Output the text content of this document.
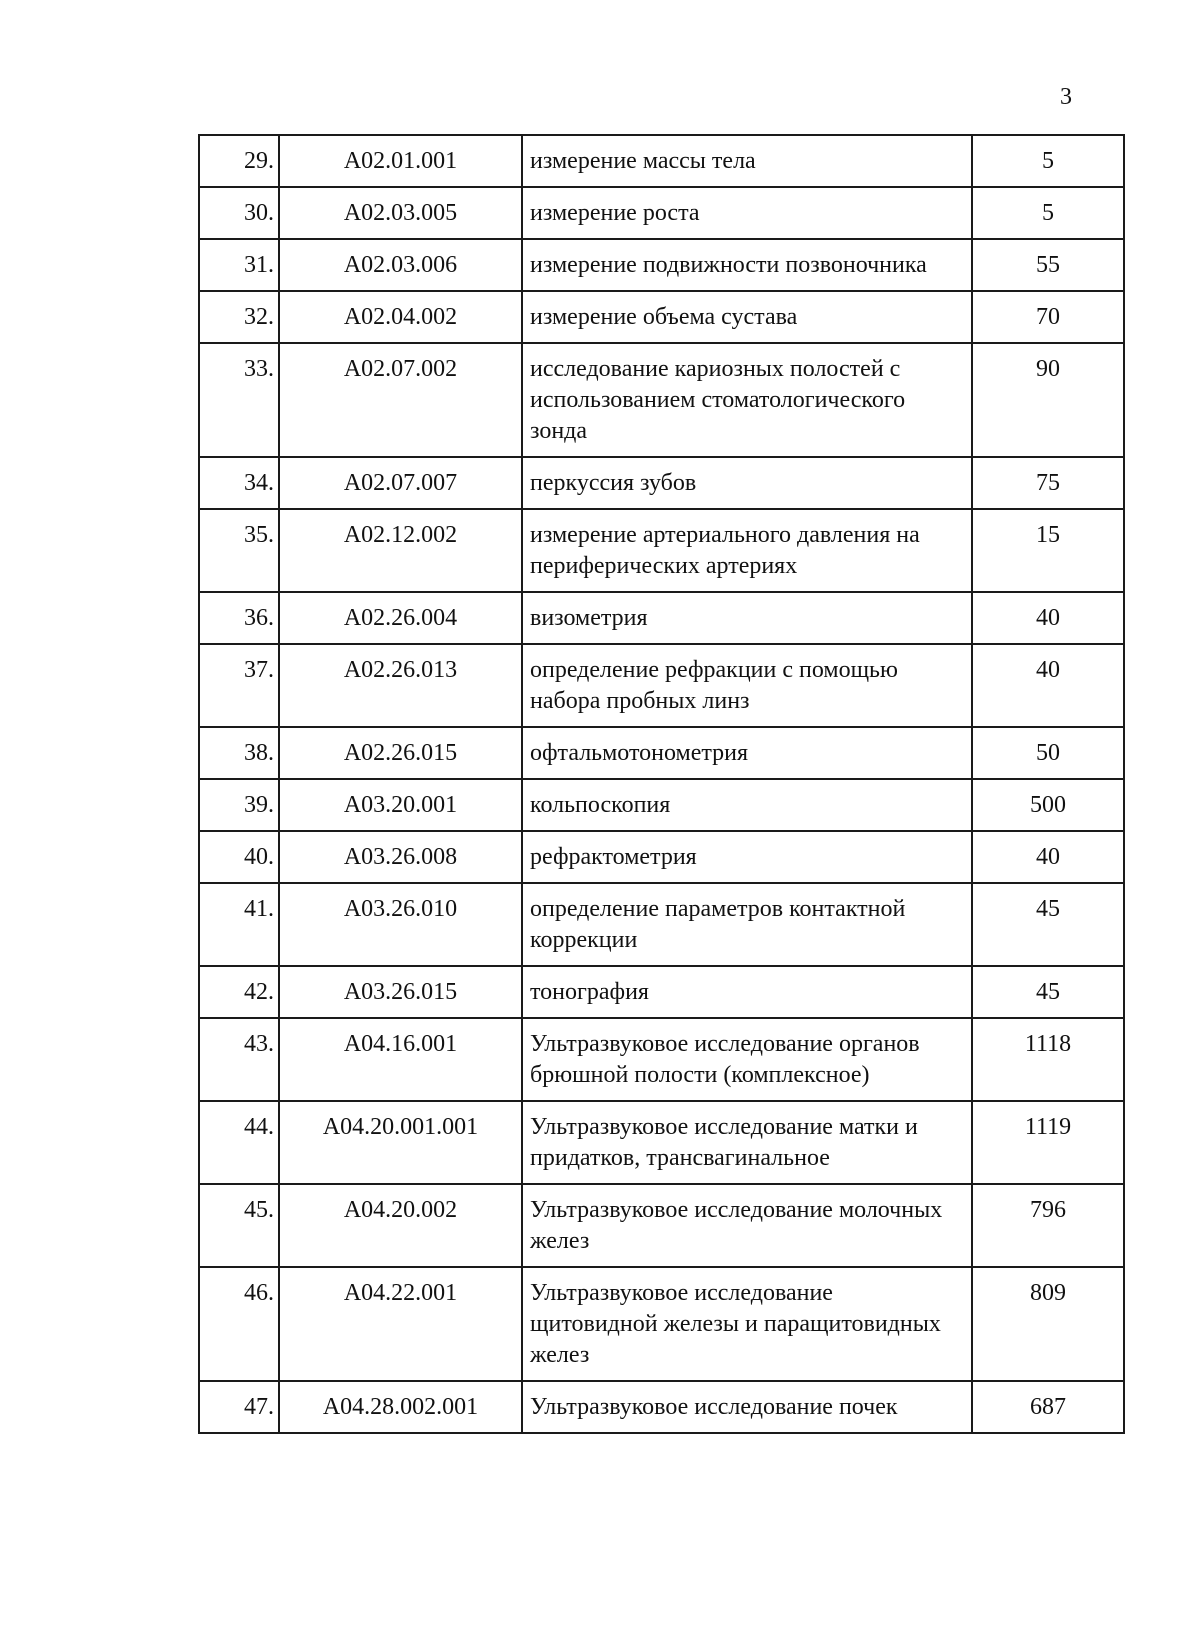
3
29.	A02.01.001	измерение массы тела	5
30.	A02.03.005	измерение роста	5
31.	A02.03.006	измерение подвижности позвоночника	55
32.	A02.04.002	измерение объема сустава	70
33.	A02.07.002	исследование кариозных полостей с использованием стоматологического зонда	90
34.	A02.07.007	перкуссия зубов	75
35.	A02.12.002	измерение артериального давления на периферических артериях	15
36.	A02.26.004	визометрия	40
37.	A02.26.013	определение рефракции с помощью набора пробных линз	40
38.	A02.26.015	офтальмотонометрия	50
39.	A03.20.001	кольпоскопия	500
40.	A03.26.008	рефрактометрия	40
41.	A03.26.010	определение параметров контактной коррекции	45
42.	A03.26.015	тонография	45
43.	A04.16.001	Ультразвуковое исследование органов брюшной полости (комплексное)	1118
44.	A04.20.001.001	Ультразвуковое исследование матки и придатков, трансвагинальное	1119
45.	A04.20.002	Ультразвуковое исследование молочных желез	796
46.	A04.22.001	Ультразвуковое исследование щитовидной железы и паращитовидных желез	809
47.	A04.28.002.001	Ультразвуковое исследование почек	687
